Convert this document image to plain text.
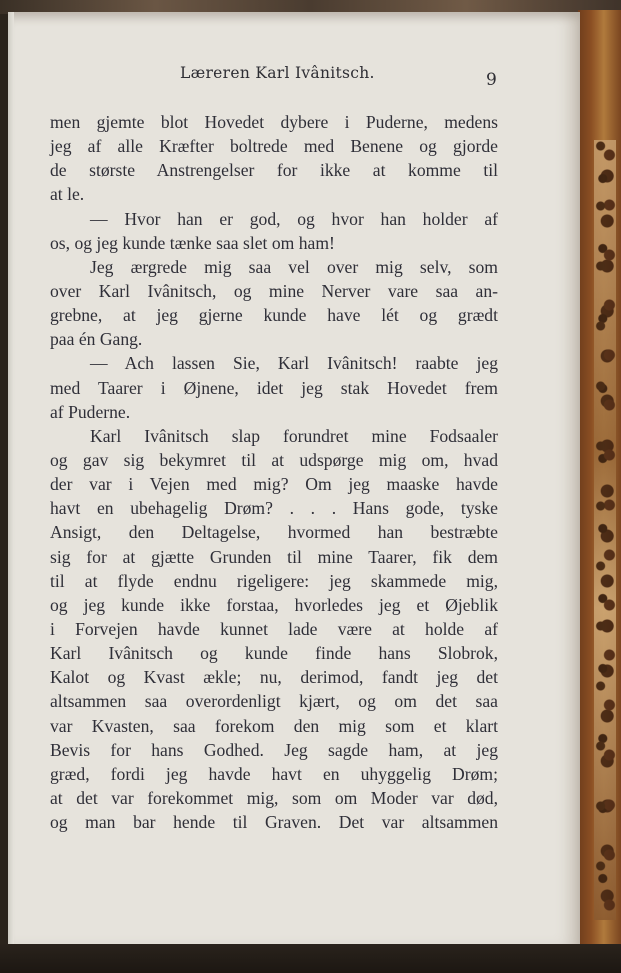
Læreren Karl Ivânitsch.	9
men gjemte blot Hovedet dybere i Puderne, medens
jeg af alle Kræfter boltrede med Benene og gjorde
de største Anstrengelser for ikke at komme til
at le.
— Hvor han er god, og hvor han holder af
os, og jeg kunde tænke saa slet om ham!
Jeg ærgrede mig saa vel over mig selv, som
over Karl Ivânitsch, og mine Nerver vare saa an-
grebne, at jeg gjerne kunde have lét og grædt
paa én Gang.
— Ach lassen Sie, Karl Ivânitsch! raabte jeg
med Taarer i Øjnene, idet jeg stak Hovedet frem
af Puderne.
Karl Ivânitsch slap forundret mine Fodsaaler
og gav sig bekymret til at udspørge mig om, hvad
der var i Vejen med mig? Om jeg maaske havde
havt en ubehagelig Drøm? . . . Hans gode, tyske
Ansigt, den Deltagelse, hvormed han bestræbte
sig for at gjætte Grunden til mine Taarer, fik dem
til at flyde endnu rigeligere: jeg skammede mig,
og jeg kunde ikke forstaa, hvorledes jeg et Øjeblik
i Forvejen havde kunnet lade være at holde af
Karl Ivânitsch og kunde finde hans Slobrok,
Kalot og Kvast ækle; nu, derimod, fandt jeg det
altsammen saa overordenligt kjært, og om det saa
var Kvasten, saa forekom den mig som et klart
Bevis for hans Godhed. Jeg sagde ham, at jeg
græd, fordi jeg havde havt en uhyggelig Drøm;
at det var forekommet mig, som om Moder var død,
og man bar hende til Graven. Det var altsammen
